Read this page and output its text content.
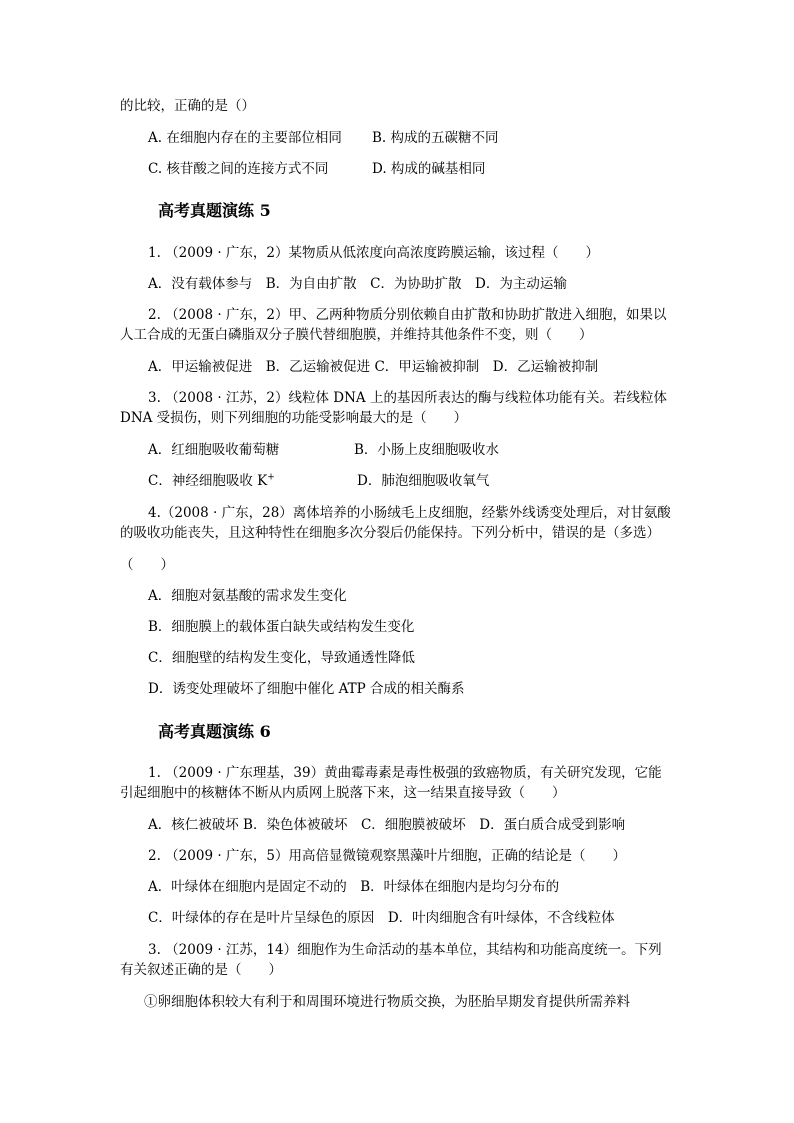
的比较，正确的是（）
A. 在细胞内存在的主要部位相同 B. 构成的五碳糖不同
C. 核苷酸之间的连接方式不同	D. 构成的碱基相同
高考真题演练 5
1. （2009 · 广东，2）某物质从低浓度向高浓度跨膜运输，该过程（　　）
A．没有载体参与　B．为自由扩散　C．为协助扩散　D．为主动运输
2. （2008 · 广东，2）甲、乙两种物质分别依赖自由扩散和协助扩散进入细胞，如果以
人工合成的无蛋白磷脂双分子膜代替细胞膜，并维持其他条件不变，则（　　）
A．甲运输被促进　B．乙运输被促进 C．甲运输被抑制　D．乙运输被抑制
3. （2008 · 江苏，2）线粒体 DNA 上的基因所表达的酶与线粒体功能有关。若线粒体
DNA 受损伤，则下列细胞的功能受影响最大的是（　　）
A．红细胞吸收葡萄糖	B．小肠上皮细胞吸收水
C．神经细胞吸收 K+	D．肺泡细胞吸收氧气
4.（2008 · 广东，28）离体培养的小肠绒毛上皮细胞，经紫外线诱变处理后，对甘氨酸
的吸收功能丧失，且这种特性在细胞多次分裂后仍能保持。下列分析中，错误的是（多选）
（　　）
A．细胞对氨基酸的需求发生变化
B．细胞膜上的载体蛋白缺失或结构发生变化
C．细胞壁的结构发生变化，导致通透性降低
D．诱变处理破坏了细胞中催化 ATP 合成的相关酶系
高考真题演练 6
1. （2009 · 广东理基，39）黄曲霉毒素是毒性极强的致癌物质，有关研究发现，它能
引起细胞中的核糖体不断从内质网上脱落下来，这一结果直接导致（　　）
A．核仁被破坏 B．染色体被破坏　C．细胞膜被破坏　D．蛋白质合成受到影响
2. （2009 · 广东，5）用高倍显微镜观察黑藻叶片细胞，正确的结论是（　　）
A．叶绿体在细胞内是固定不动的　B．叶绿体在细胞内是均匀分布的
C．叶绿体的存在是叶片呈绿色的原因　D．叶肉细胞含有叶绿体，不含线粒体
3. （2009 · 江苏，14）细胞作为生命活动的基本单位，其结构和功能高度统一。下列
有关叙述正确的是（　　）
①卵细胞体积较大有利于和周围环境进行物质交换，为胚胎早期发育提供所需养料
